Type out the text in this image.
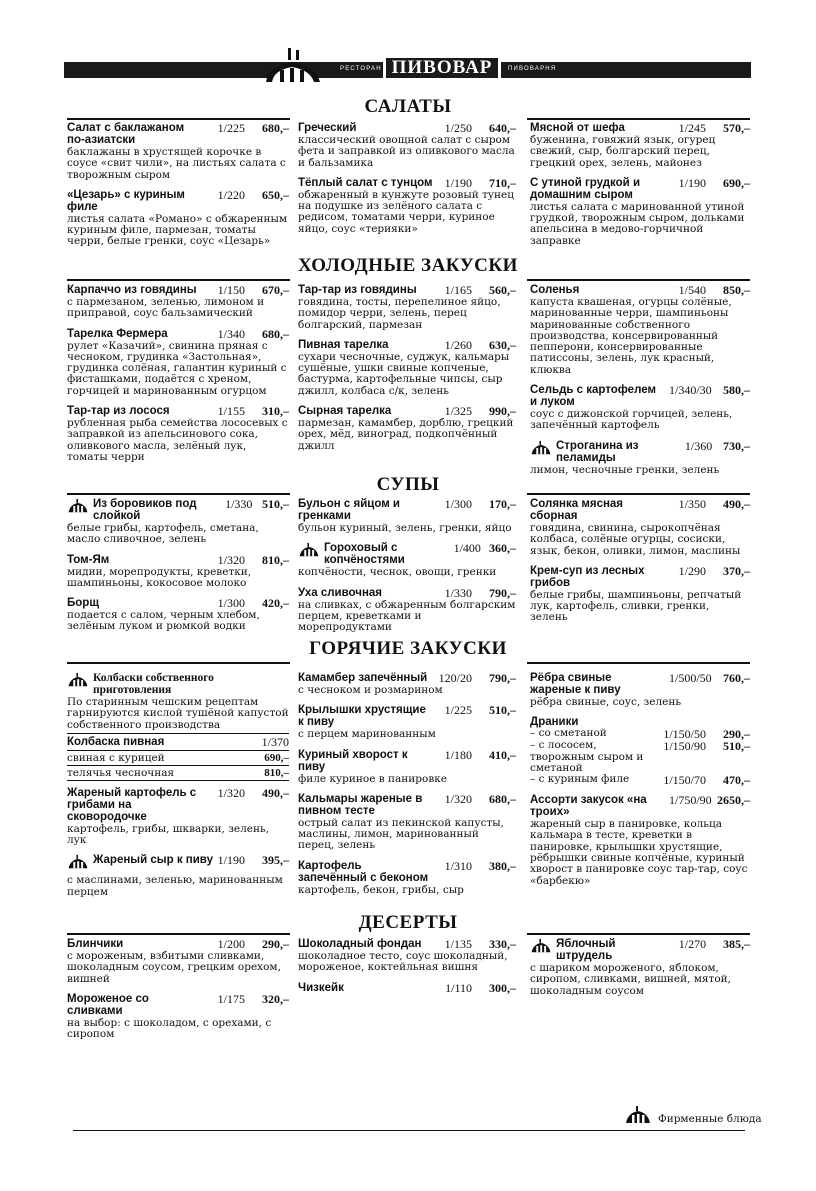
РЕСТОРАН ПИВОВАР	ПИВОВАРНЯ
САЛАТЫ
ХОЛОДНЫЕ ЗАКУСКИ
СУПЫ
ГОРЯЧИЕ ЗАКУСКИ
ДЕСЕРТЫ
Салат с баклажаном по-азиатски
1/225	680,–
баклажаны в хрустящей корочке в соусе «свит чили», на листьях салата с творожным сыром
«Цезарь» с куриным филе
1/220	650,–
листья салата «Романо» с обжаренным куриным филе, пармезан, томаты черри, белые гренки, соус «Цезарь»
Греческий	1/250	640,–
классический овощной салат с сыром фета и заправкой из оливкового масла и бальзамика
Тёплый салат с тунцом	1/190	710,–
обжаренный в кунжуте розовый тунец на подушке из зелёного салата с редисом, томатами черри, куриное яйцо, соус «терияки»
Мясной от шефа	1/245	570,–
буженина, говяжий язык, огурец свежий, сыр, болгарский перец, грецкий орех, зелень, майонез
С утиной грудкой и домашним сыром
1/190	690,–
листья салата с маринованной утиной грудкой, творожным сыром, дольками апельсина в медово-горчичной заправке
Карпаччо из говядины	1/150	670,–
с пармезаном, зеленью, лимоном и приправой, соус бальзамический
Тарелка Фермера	1/340	680,–
рулет «Казачий», свинина пряная с чесноком, грудинка «Застольная», грудинка солёная, галантин куриный с фисташками, подаётся с хреном, горчицей и маринованным огурцом
Тар-тар из лосося	1/155	310,–
рубленная рыба семейства лососевых с заправкой из апельсинового сока, оливкового масла, зелёный лук, томаты черри
Тар-тар из говядины	1/165	560,–
говядина, тосты, перепелиное яйцо, помидор черри, зелень, перец болгарский, пармезан
Пивная тарелка	1/260	630,–
сухари чесночные, суджук, кальмары сушёные, ушки свиные копченые, бастурма, картофельные чипсы, сыр джилл, колбаса с/к, зелень
Сырная тарелка	1/325	990,–
пармезан, камамбер, дорблю, грецкий орех, мёд, виноград, подкопчённый джилл
Соленья	1/540	850,–
капуста квашеная, огурцы солёные, маринованные черри, шампиньоны маринованные собственного производства, консервированный пепперони, консервированные патиссоны, зелень, лук красный, клюква
Сельдь с картофелем и луком
1/340/30 580,–
соус с дижонской горчицей, зелень, запечённый картофель
Строганина из пеламиды
1/360 730,–
лимон, чесночные гренки, зелень
Из боровиков под слойкой
1/330 510,–
белые грибы, картофель, сметана, масло сливочное, зелень
Том-Ям	1/320	810,–
мидии, морепродукты, креветки, шампиньоны, кокосовое молоко
Борщ	1/300	420,–
подается с салом, черным хлебом, зелёным луком и рюмкой водки
Бульон с яйцом и гренками
1/300	170,–
бульон куриный, зелень, гренки, яйцо
Гороховый с копчёностями
1/400 360,–
копчёности, чеснок, овощи, гренки
Уха сливочная	1/330	790,–
на сливках, с обжаренным болгарским перцем, креветками и морепродуктами
Солянка мясная сборная
1/350	490,–
говядина, свинина, сырокопчёная колбаса, солёные огурцы, сосиски, язык, бекон, оливки, лимон, маслины
Крем-суп из лесных грибов
1/290	370,–
белые грибы, шампиньоны, репчатый лук, картофель, сливки, гренки, зелень
Колбаски собственного приготовления
По старинным чешским рецептам гарнируются кислой тушёной капустой собственного производства
Колбаска пивная	1/370
свиная с курицей	690,–
телячья чесночная	810,–
Жареный картофель с грибами на сковородочке
1/320	490,–
картофель, грибы, шкварки, зелень, лук
Жареный сыр к пиву 1/190	395,–
с маслинами, зеленью, маринованным перцем
Камамбер запечённый 120/20	790,–
с чесноком и розмарином
Крылышки хрустящие к пиву
1/225	510,–
с перцем маринованным
Куриный хвоpост к пиву
1/180	410,–
филе куриное в панировке
Кальмары жареные в пивном тесте
1/320	680,–
острый салат из пекинской капусты, маслины, лимон, маринованный перец, зелень
Картофель запечённый с беконом
1/310	380,–
картофель, бекон, грибы, сыр
Рёбра свиные жареные к пиву
1/500/50 760,–
рёбра свиные, соус, зелень
Драники
– со сметаной	1/150/50	290,–
– с лососем, творожным сыром и сметаной
1/150/90	510,–
– с куриным филе	1/150/70	470,–
Ассорти закусок «на троих»
1/750/90 2650,–
жареный сыр в панировке, кольца кальмара в тесте, креветки в панировке, крылышки хрустящие, рёбрышки свиные копчёные, куриный хворост в панировке соус тар-тар, соус «барбекю»
Блинчики	1/200	290,–
с мороженым, взбитыми сливками, шоколадным соусом, грецким орехом, вишней
Мороженое со сливками
1/175	320,–
на выбор: с шоколадом, с орехами, с сиропом
Шоколадный фондан	1/135	330,–
шоколадное тесто, соус шоколадный, мороженое, коктейльная вишня
Чизкейк	1/110	300,–
Яблочный штрудель
1/270	385,–
с шариком мороженого, яблоком, сиропом, сливками, вишней, мятой, шоколадным соусом
Фирменные блюда
